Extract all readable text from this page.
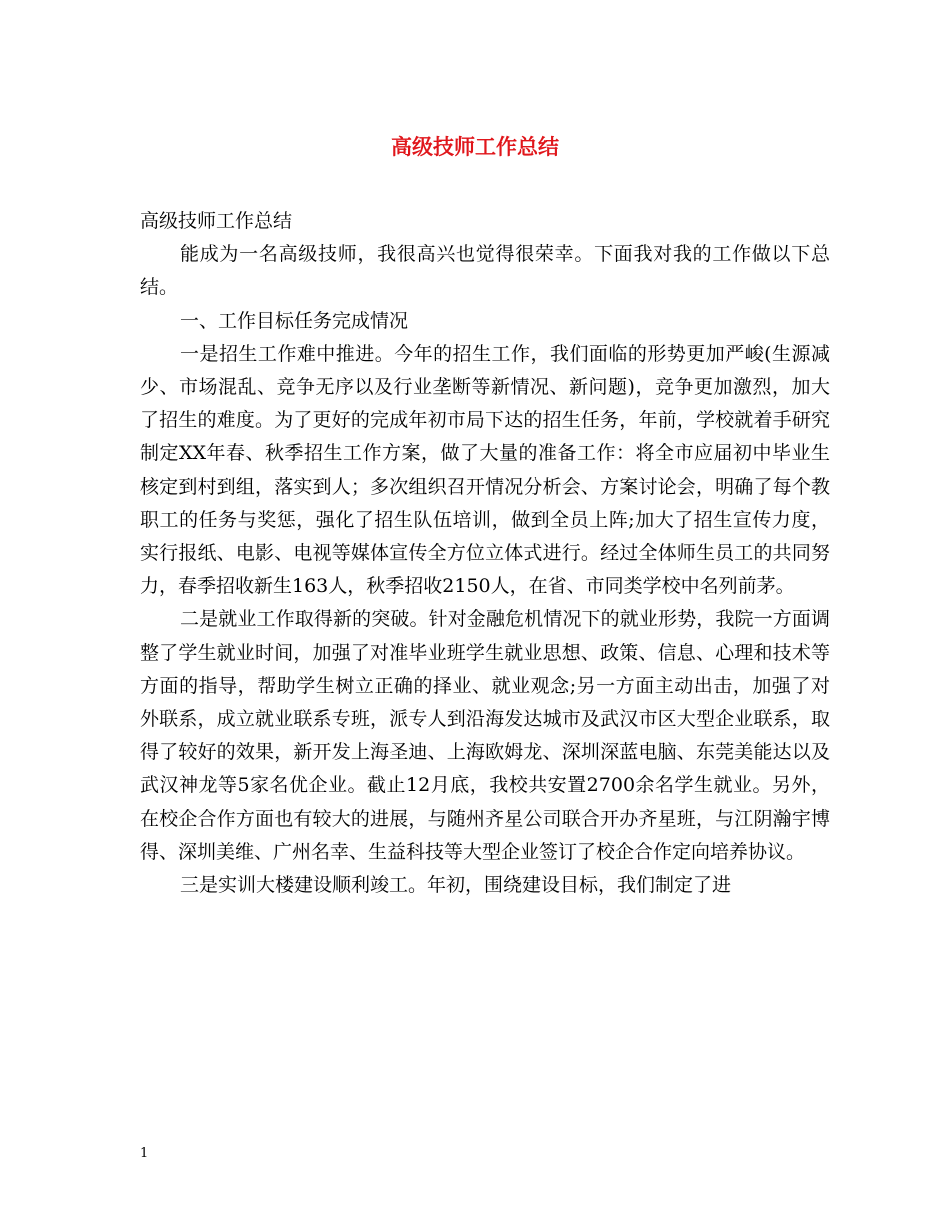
高级技师工作总结

高级技师工作总结

能成为一名高级技师，我很高兴也觉得很荣幸。下面我对我的工作做以下总结。

一、工作目标任务完成情况

一是招生工作难中推进。今年的招生工作，我们面临的形势更加严峻(生源减少、市场混乱、竞争无序以及行业垄断等新情况、新问题)，竞争更加激烈，加大了招生的难度。为了更好的完成年初市局下达的招生任务，年前，学校就着手研究制定XX年春、秋季招生工作方案，做了大量的准备工作：将全市应届初中毕业生核定到村到组，落实到人；多次组织召开情况分析会、方案讨论会，明确了每个教职工的任务与奖惩，强化了招生队伍培训，做到全员上阵;加大了招生宣传力度，实行报纸、电影、电视等媒体宣传全方位立体式进行。经过全体师生员工的共同努力，春季招收新生163人，秋季招收2150人，在省、市同类学校中名列前茅。

二是就业工作取得新的突破。针对金融危机情况下的就业形势，我院一方面调整了学生就业时间，加强了对准毕业班学生就业思想、政策、信息、心理和技术等方面的指导，帮助学生树立正确的择业、就业观念;另一方面主动出击，加强了对外联系，成立就业联系专班，派专人到沿海发达城市及武汉市区大型企业联系，取得了较好的效果，新开发上海圣迪、上海欧姆龙、深圳深蓝电脑、东莞美能达以及武汉神龙等5家名优企业。截止12月底，我校共安置2700余名学生就业。另外，在校企合作方面也有较大的进展，与随州齐星公司联合开办齐星班，与江阴瀚宇博得、深圳美维、广州名幸、生益科技等大型企业签订了校企合作定向培养协议。

三是实训大楼建设顺利竣工。年初，围绕建设目标，我们制定了进

1
